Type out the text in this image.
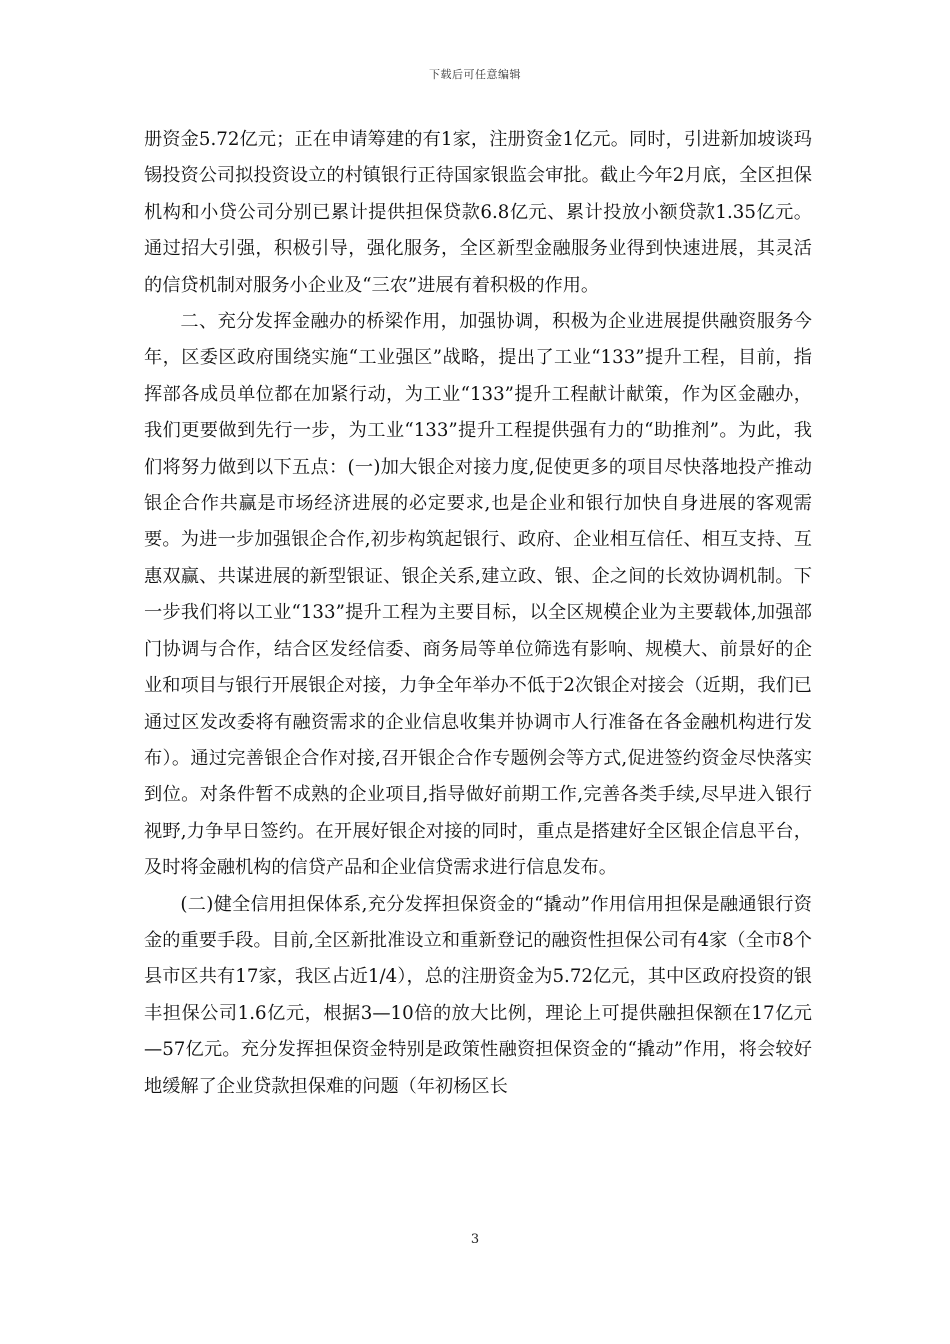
下载后可任意编辑

册资金5.72亿元；正在申请筹建的有1家，注册资金1亿元。同时，引进新加坡谈玛锡投资公司拟投资设立的村镇银行正待国家银监会审批。截止今年2月底，全区担保机构和小贷公司分别已累计提供担保贷款6.8亿元、累计投放小额贷款1.35亿元。通过招大引强，积极引导，强化服务，全区新型金融服务业得到快速进展，其灵活的信贷机制对服务小企业及“三农”进展有着积极的作用。

二、充分发挥金融办的桥梁作用，加强协调，积极为企业进展提供融资服务今年，区委区政府围绕实施“工业强区”战略，提出了工业“133”提升工程，目前，指挥部各成员单位都在加紧行动，为工业“133”提升工程献计献策，作为区金融办，我们更要做到先行一步，为工业“133”提升工程提供强有力的“助推剂”。为此，我们将努力做到以下五点：(一)加大银企对接力度,促使更多的项目尽快落地投产推动银企合作共赢是市场经济进展的必定要求,也是企业和银行加快自身进展的客观需要。为进一步加强银企合作,初步构筑起银行、政府、企业相互信任、相互支持、互惠双赢、共谋进展的新型银证、银企关系,建立政、银、企之间的长效协调机制。下一步我们将以工业“133”提升工程为主要目标，以全区规模企业为主要载体,加强部门协调与合作，结合区发经信委、商务局等单位筛选有影响、规模大、前景好的企业和项目与银行开展银企对接，力争全年举办不低于2次银企对接会（近期，我们已通过区发改委将有融资需求的企业信息收集并协调市人行准备在各金融机构进行发布）。通过完善银企合作对接,召开银企合作专题例会等方式,促进签约资金尽快落实到位。对条件暂不成熟的企业项目,指导做好前期工作,完善各类手续,尽早进入银行视野,力争早日签约。在开展好银企对接的同时，重点是搭建好全区银企信息平台，及时将金融机构的信贷产品和企业信贷需求进行信息发布。

(二)健全信用担保体系,充分发挥担保资金的“撬动”作用信用担保是融通银行资金的重要手段。目前,全区新批准设立和重新登记的融资性担保公司有4家（全市8个县市区共有17家，我区占近1/4），总的注册资金为5.72亿元，其中区政府投资的银丰担保公司1.6亿元，根据3—10倍的放大比例，理论上可提供融担保额在17亿元—57亿元。充分发挥担保资金特别是政策性融资担保资金的“撬动”作用，将会较好地缓解了企业贷款担保难的问题（年初杨区长

3
